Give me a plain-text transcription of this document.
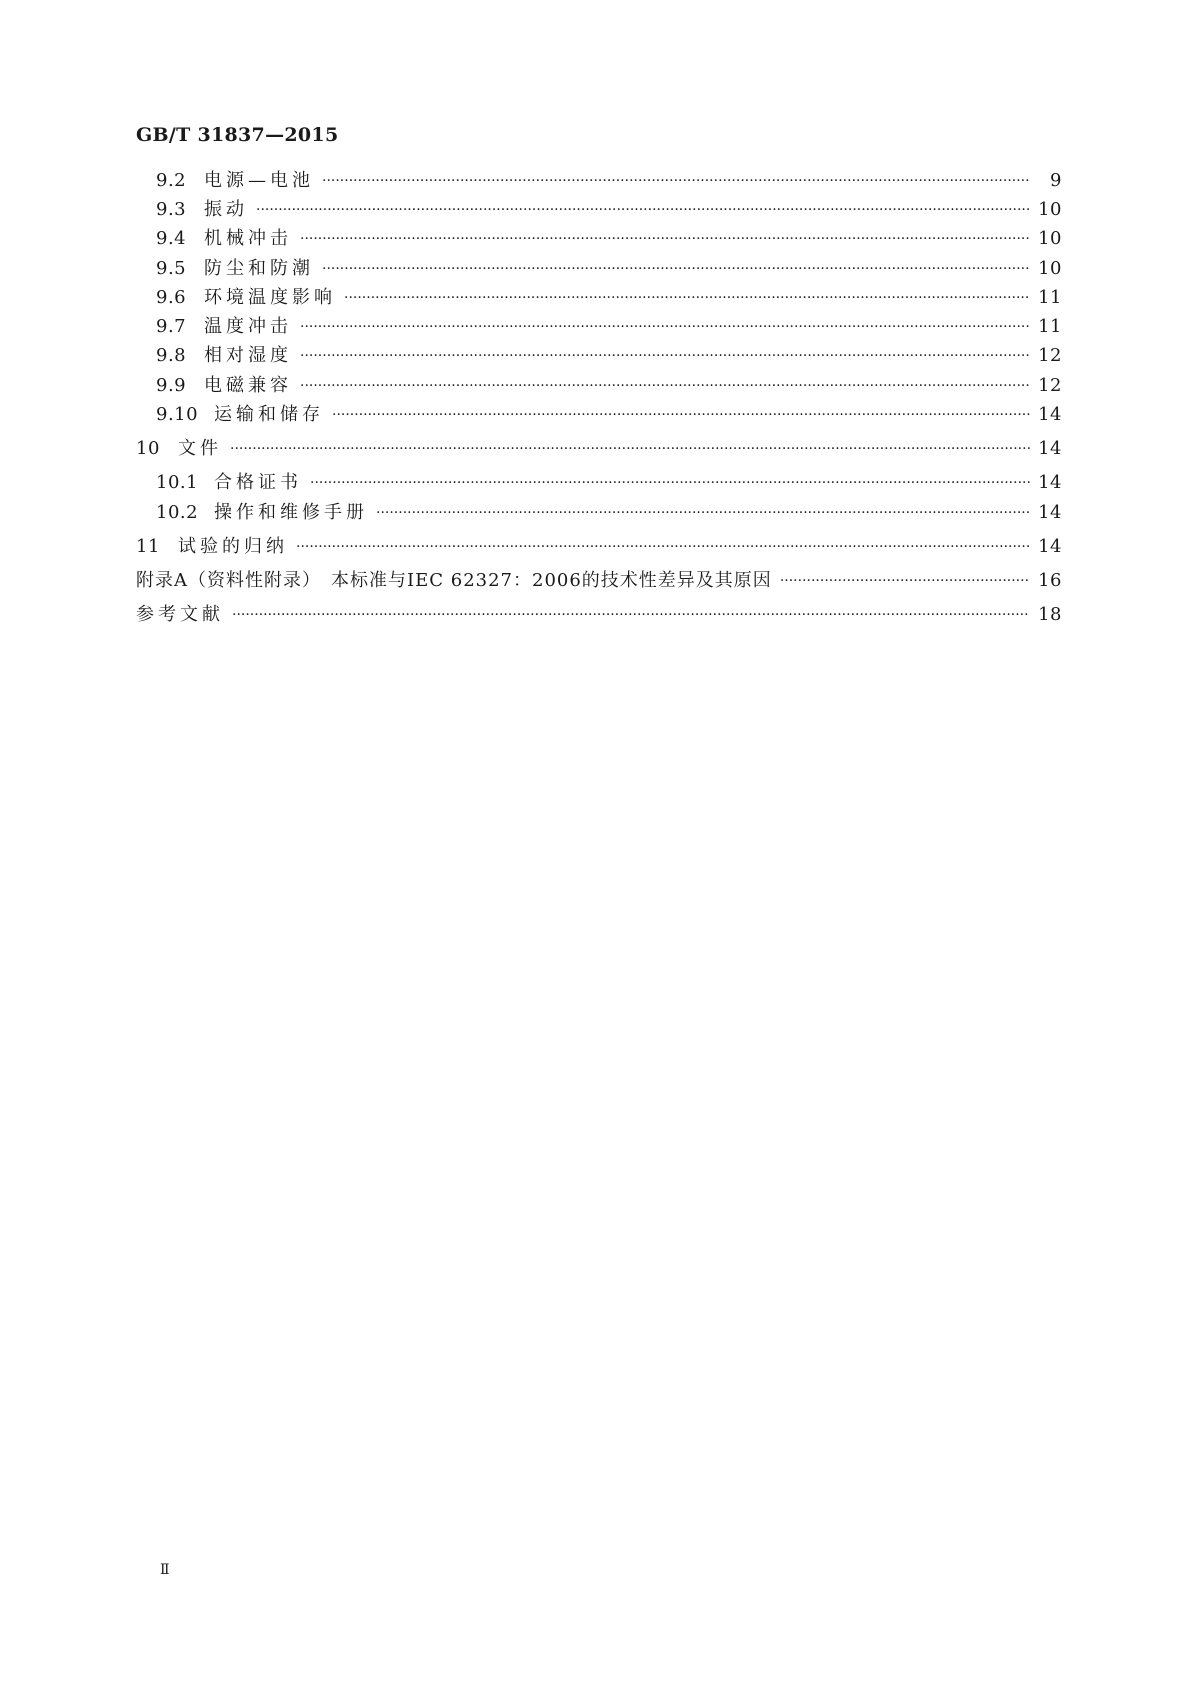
GB/T 31837—2015
9.2 电源—电池 ·····	9
9.3 振动 ·····	10
9.4 机械冲击 ·····	10
9.5 防尘和防潮 ·····	10
9.6 环境温度影响 ·····	11
9.7 温度冲击 ·····	11
9.8 相对湿度 ·····	12
9.9 电磁兼容 ·····	12
9.10 运输和储存 ·····	14
10	文件 ·····	14
10.1 合格证书 ·····	14
10.2 操作和维修手册 ·····	14
11	试验的归纳 ·····	14
附录A（资料性附录）　本标准与IEC 62327：2006的技术性差异及其原因 ·····	16
参考文献 ·····	18
Ⅱ
